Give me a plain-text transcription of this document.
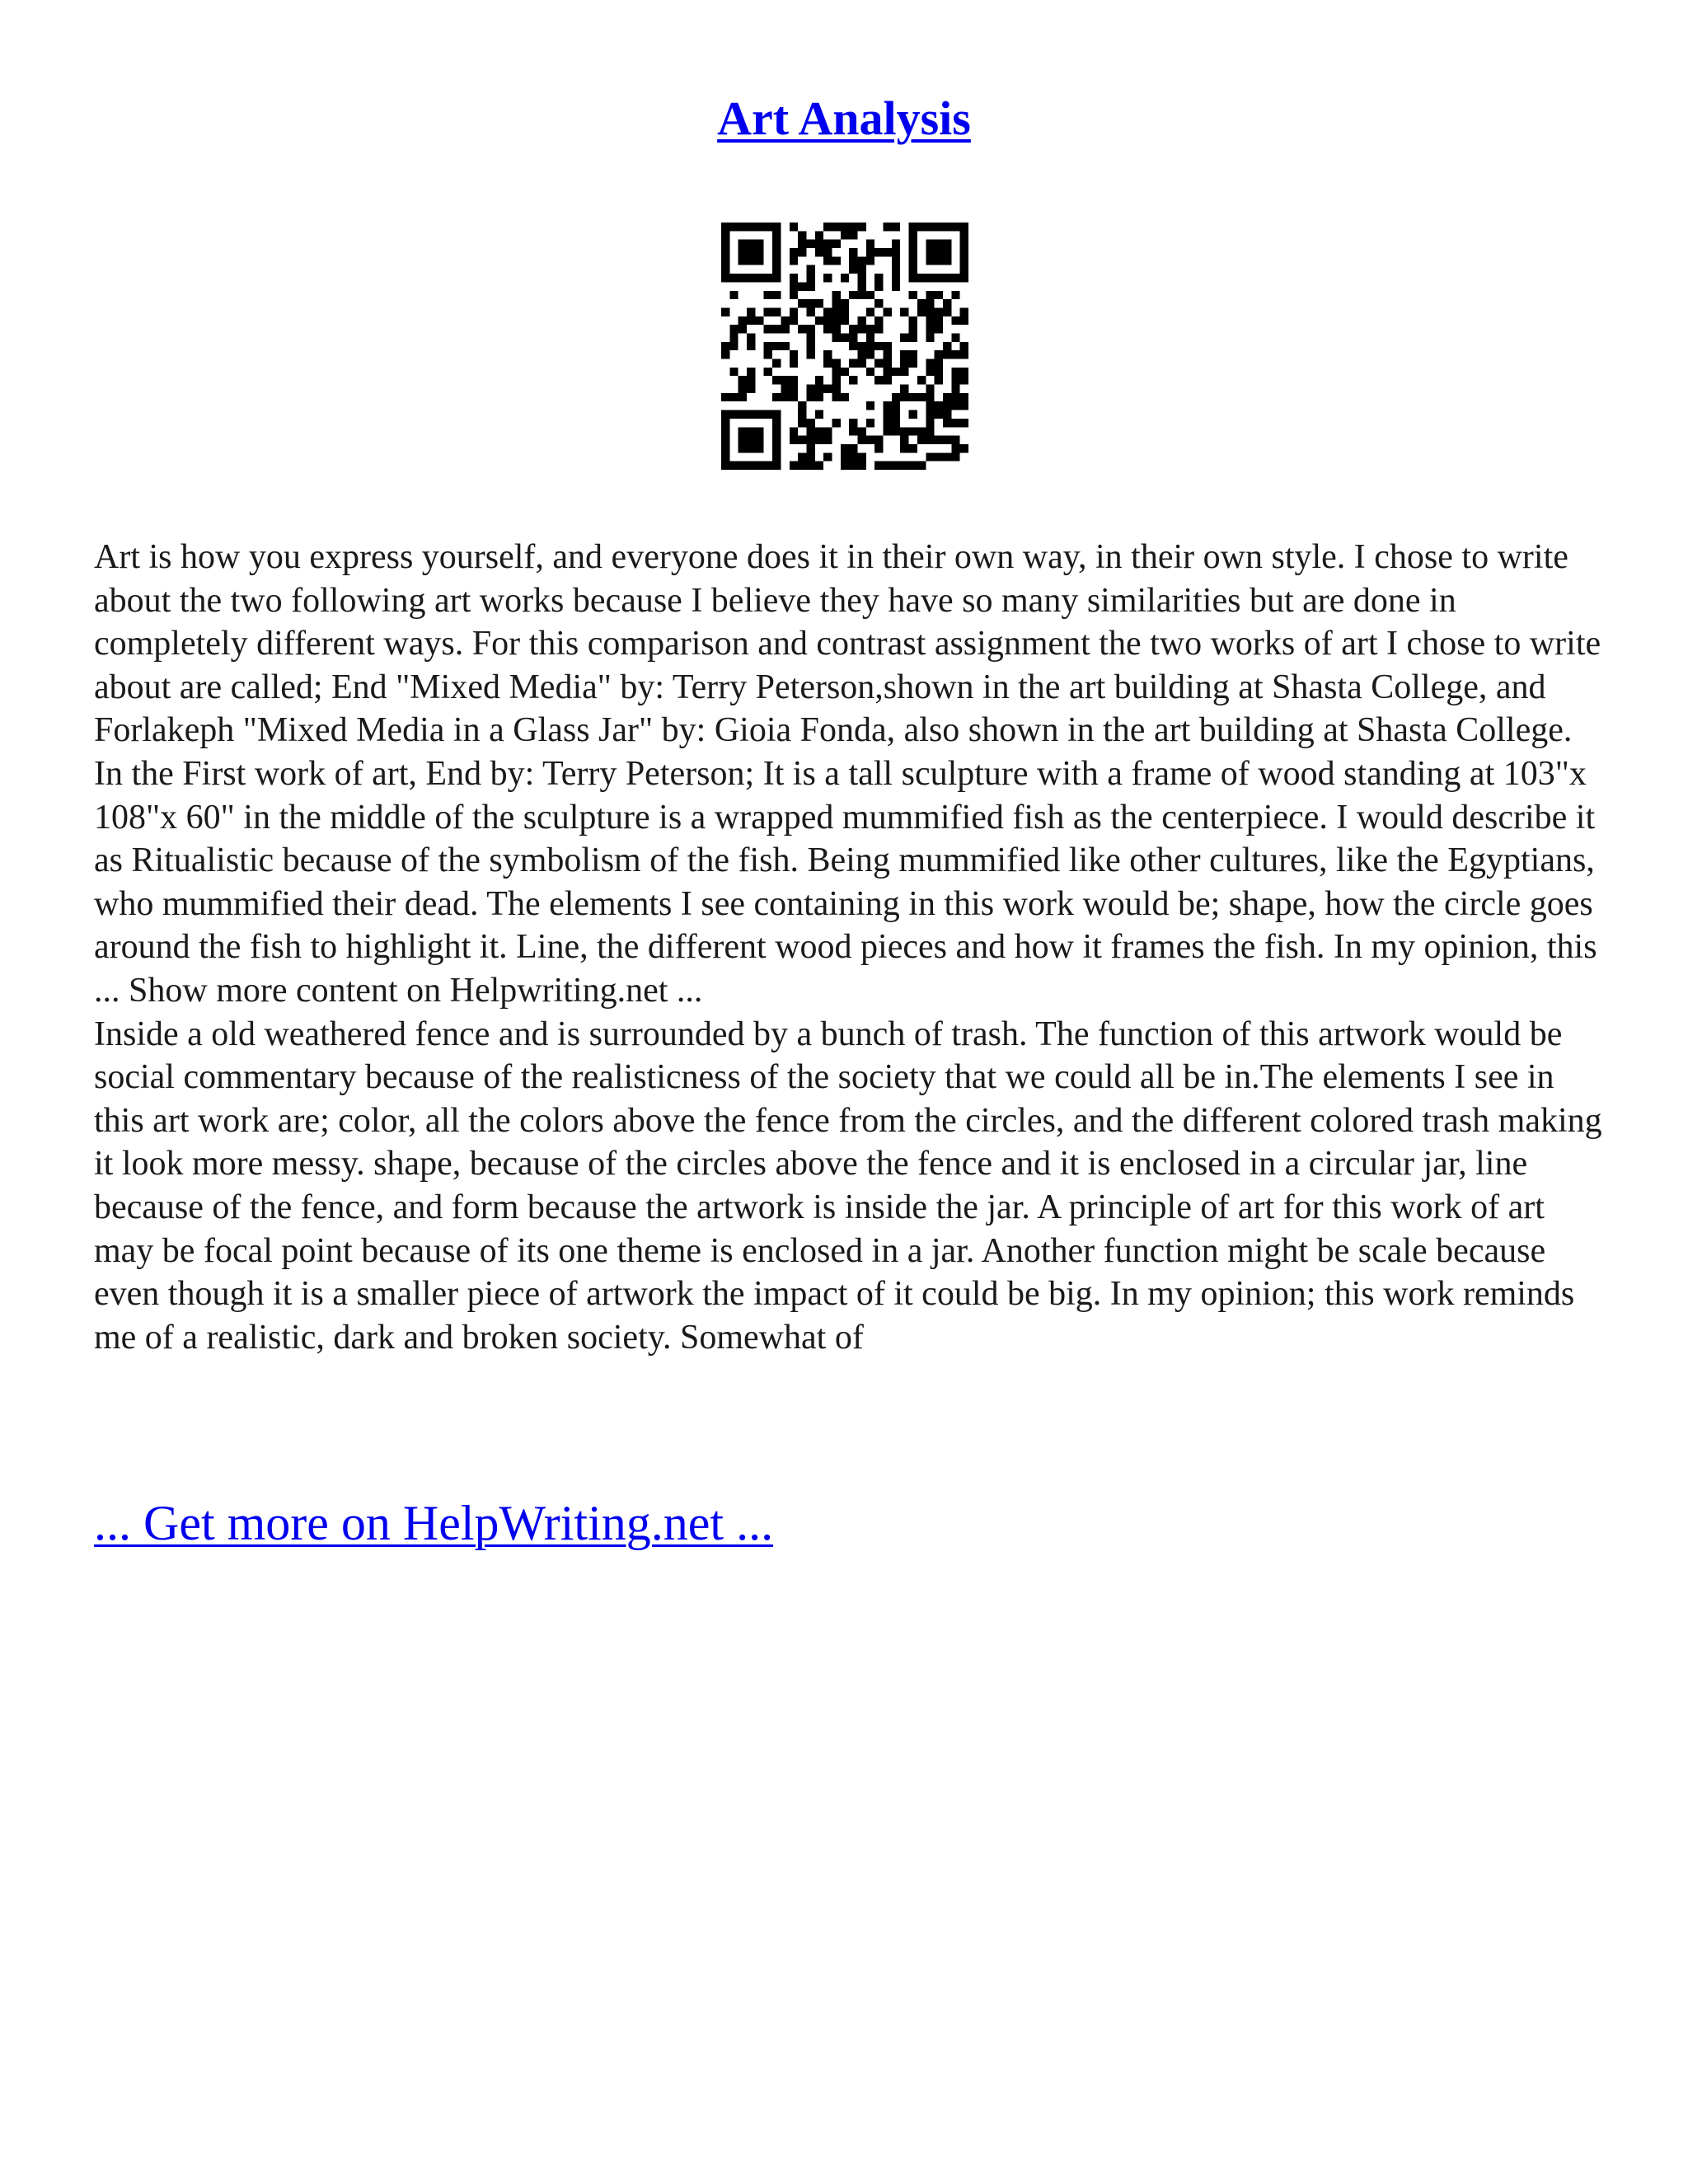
Art Analysis

Art is how you express yourself, and everyone does it in their own way, in their own style. I chose to write about the two following art works because I believe they have so many similarities but are done in completely different ways. For this comparison and contrast assignment the two works of art I chose to write about are called; End "Mixed Media" by: Terry Peterson,shown in the art building at Shasta College, and Forlakeph "Mixed Media in a Glass Jar" by: Gioia Fonda, also shown in the art building at Shasta College. In the First work of art, End by: Terry Peterson; It is a tall sculpture with a frame of wood standing at 103"x 108"x 60" in the middle of the sculpture is a wrapped mummified fish as the centerpiece. I would describe it as Ritualistic because of the symbolism of the fish. Being mummified like other cultures, like the Egyptians, who mummified their dead. The elements I see containing in this work would be; shape, how the circle goes around the fish to highlight it. Line, the different wood pieces and how it frames the fish. In my opinion, this ... Show more content on Helpwriting.net ...

Inside a old weathered fence and is surrounded by a bunch of trash. The function of this artwork would be social commentary because of the realisticness of the society that we could all be in.The elements I see in this art work are; color, all the colors above the fence from the circles, and the different colored trash making it look more messy. shape, because of the circles above the fence and it is enclosed in a circular jar, line because of the fence, and form because the artwork is inside the jar. A principle of art for this work of art may be focal point because of its one theme is enclosed in a jar. Another function might be scale because even though it is a smaller piece of artwork the impact of it could be big. In my opinion; this work reminds me of a realistic, dark and broken society. Somewhat of

... Get more on HelpWriting.net ...
